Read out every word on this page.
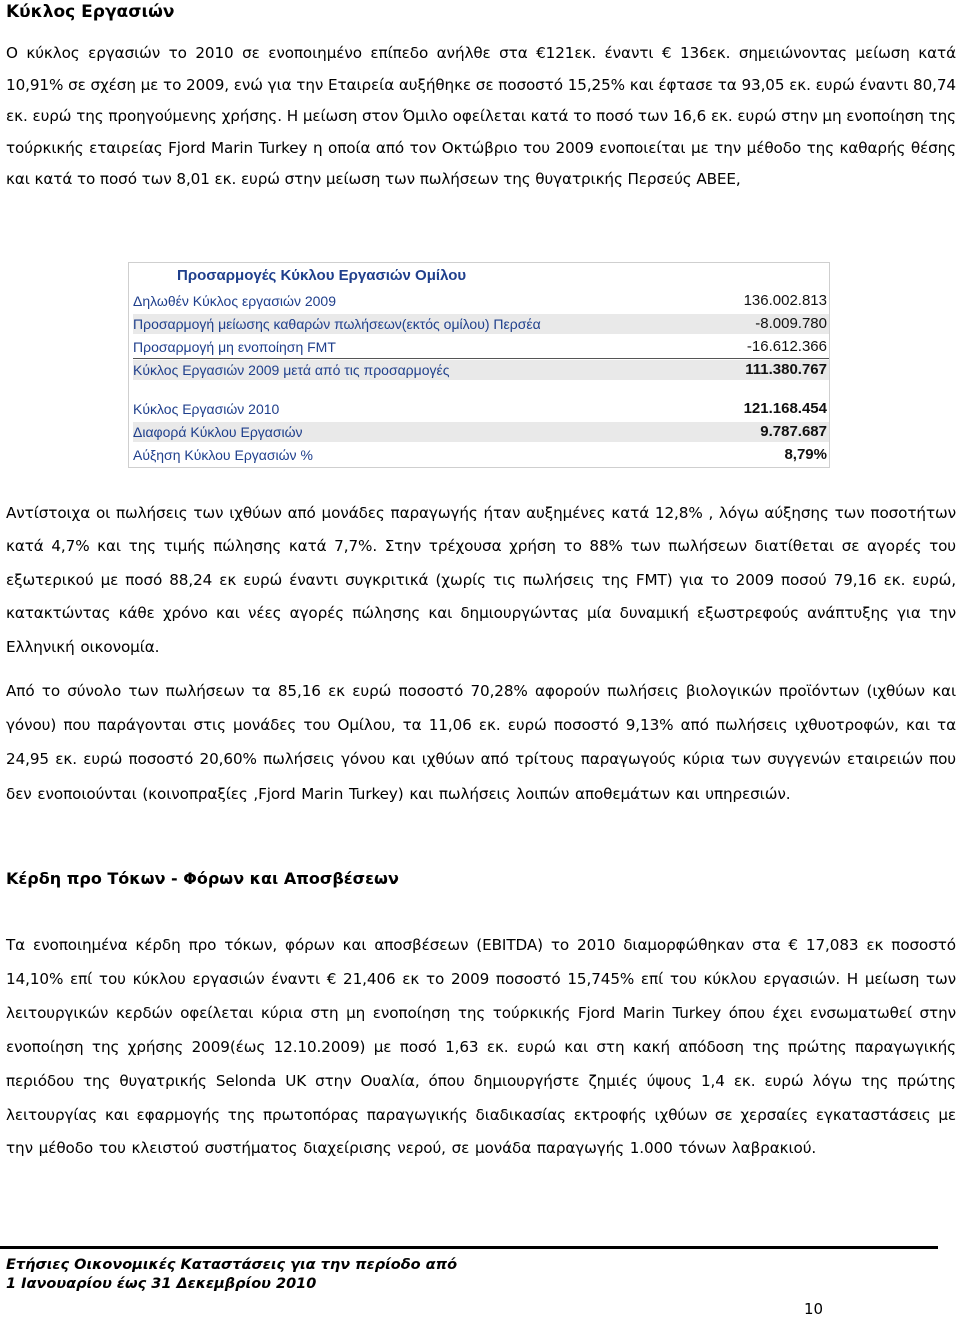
Κύκλος Εργασιών

Ο κύκλος εργασιών το 2010 σε ενοποιημένο επίπεδο ανήλθε στα €121εκ. έναντι € 136εκ. σημειώνοντας μείωση κατά 10,91% σε σχέση με το 2009, ενώ για την Εταιρεία αυξήθηκε σε ποσοστό 15,25% και έφτασε τα 93,05 εκ. ευρώ έναντι 80,74 εκ. ευρώ της προηγούμενης χρήσης. Η μείωση στον Όμιλο οφείλεται κατά το ποσό των 16,6 εκ. ευρώ στην μη ενοποίηση της τούρκικής εταιρείας Fjord Marin Turkey η οποία από τον Οκτώβριο του 2009 ενοποιείται με την μέθοδο της καθαρής θέσης και κατά το ποσό των 8,01 εκ. ευρώ στην μείωση των πωλήσεων της θυγατρικής Περσεύς ΑΒΕΕ,

Προσαρμογές Κύκλου Εργασιών Ομίλου
Δηλωθέν Κύκλος εργασιών 2009	136.002.813
Προσαρμογή μείωσης καθαρών πωλήσεων(εκτός ομίλου) Περσέα	-8.009.780
Προσαρμογή μη ενοποίηση FMT	-16.612.366
Κύκλος Εργασιών 2009 μετά από τις προσαρμογές	111.380.767
Κύκλος Εργασιών 2010	121.168.454
Διαφορά Κύκλου Εργασιών	9.787.687
Αύξηση Κύκλου Εργασιών %	8,79%

Αντίστοιχα οι πωλήσεις των ιχθύων από μονάδες παραγωγής ήταν αυξημένες κατά 12,8% , λόγω αύξησης των ποσοτήτων κατά 4,7% και της τιμής πώλησης κατά 7,7%. Στην τρέχουσα χρήση το 88% των πωλήσεων διατίθεται σε αγορές του εξωτερικού με ποσό 88,24 εκ ευρώ έναντι συγκριτικά (χωρίς τις πωλήσεις της FMT) για το 2009 ποσού 79,16 εκ. ευρώ, κατακτώντας κάθε χρόνο και νέες αγορές πώλησης και δημιουργώντας μία δυναμική εξωστρεφούς ανάπτυξης για την Ελληνική οικονομία.

Από το σύνολο των πωλήσεων τα 85,16 εκ ευρώ ποσοστό 70,28% αφορούν πωλήσεις βιολογικών προϊόντων (ιχθύων και γόνου) που παράγονται στις μονάδες του Ομίλου, τα 11,06 εκ. ευρώ ποσοστό 9,13% από πωλήσεις ιχθυοτροφών, και τα 24,95 εκ. ευρώ ποσοστό 20,60% πωλήσεις γόνου και ιχθύων από τρίτους παραγωγούς κύρια των συγγενών εταιρειών που δεν ενοποιούνται (κοινοπραξίες ,Fjord Marin Turkey) και πωλήσεις λοιπών αποθεμάτων και υπηρεσιών.

Κέρδη προ Τόκων - Φόρων και Αποσβέσεων

Τα ενοποιημένα κέρδη προ τόκων, φόρων και αποσβέσεων (EBITDA) το 2010 διαμορφώθηκαν στα € 17,083 εκ ποσοστό 14,10% επί του κύκλου εργασιών έναντι € 21,406 εκ το 2009 ποσοστό 15,745% επί του κύκλου εργασιών. Η μείωση των λειτουργικών κερδών οφείλεται κύρια στη μη ενοποίηση της τούρκικής Fjord Marin Turkey όπου έχει ενσωματωθεί στην ενοποίηση της χρήσης 2009(έως 12.10.2009) με ποσό 1,63 εκ. ευρώ και στη κακή απόδοση της πρώτης παραγωγικής περιόδου της θυγατρικής Selonda UK στην Ουαλία, όπου δημιουργήστε ζημιές ύψους 1,4 εκ. ευρώ λόγω της πρώτης λειτουργίας και εφαρμογής της πρωτοπόρας παραγωγικής διαδικασίας εκτροφής ιχθύων σε χερσαίες εγκαταστάσεις με την μέθοδο του κλειστού συστήματος διαχείρισης νερού, σε μονάδα παραγωγής 1.000 τόνων λαβρακιού.

Ετήσιες Οικονομικές Καταστάσεις για την περίοδο από

1 Ιανουαρίου έως 31 Δεκεμβρίου 2010

10
